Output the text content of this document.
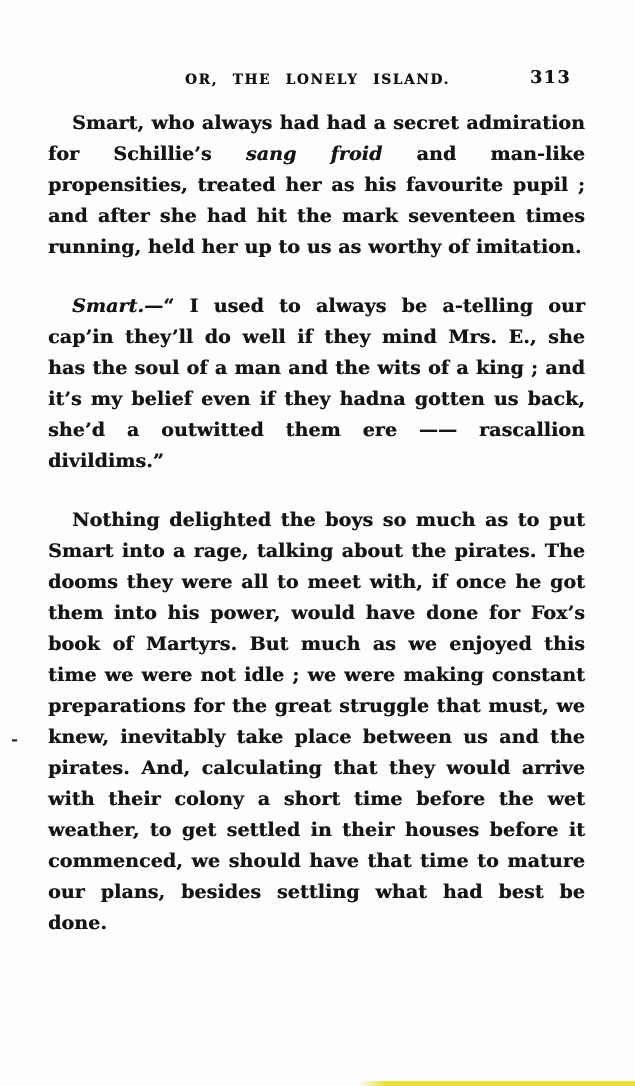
OR, THE LONELY ISLAND.	313

Smart, who always had had a secret admiration for Schillie’s sang froid and man-like propensities, treated her as his favourite pupil ; and after she had hit the mark seventeen times running, held her up to us as worthy of imitation.

Smart.—“ I used to always be a-telling our cap’in they’ll do well if they mind Mrs. E., she has the soul of a man and the wits of a king ; and it’s my belief even if they hadna gotten us back, she’d a outwitted them ere —— rascallion divildims.”

Nothing delighted the boys so much as to put Smart into a rage, talking about the pirates. The dooms they were all to meet with, if once he got them into his power, would have done for Fox’s book of Martyrs. But much as we enjoyed this time we were not idle ; we were making constant preparations for the great struggle that must, we knew, inevitably take place between us and the pirates. And, calculating that they would arrive with their colony a short time before the wet weather, to get settled in their houses before it commenced, we should have that time to mature our plans, besides settling what had best be done.

-
